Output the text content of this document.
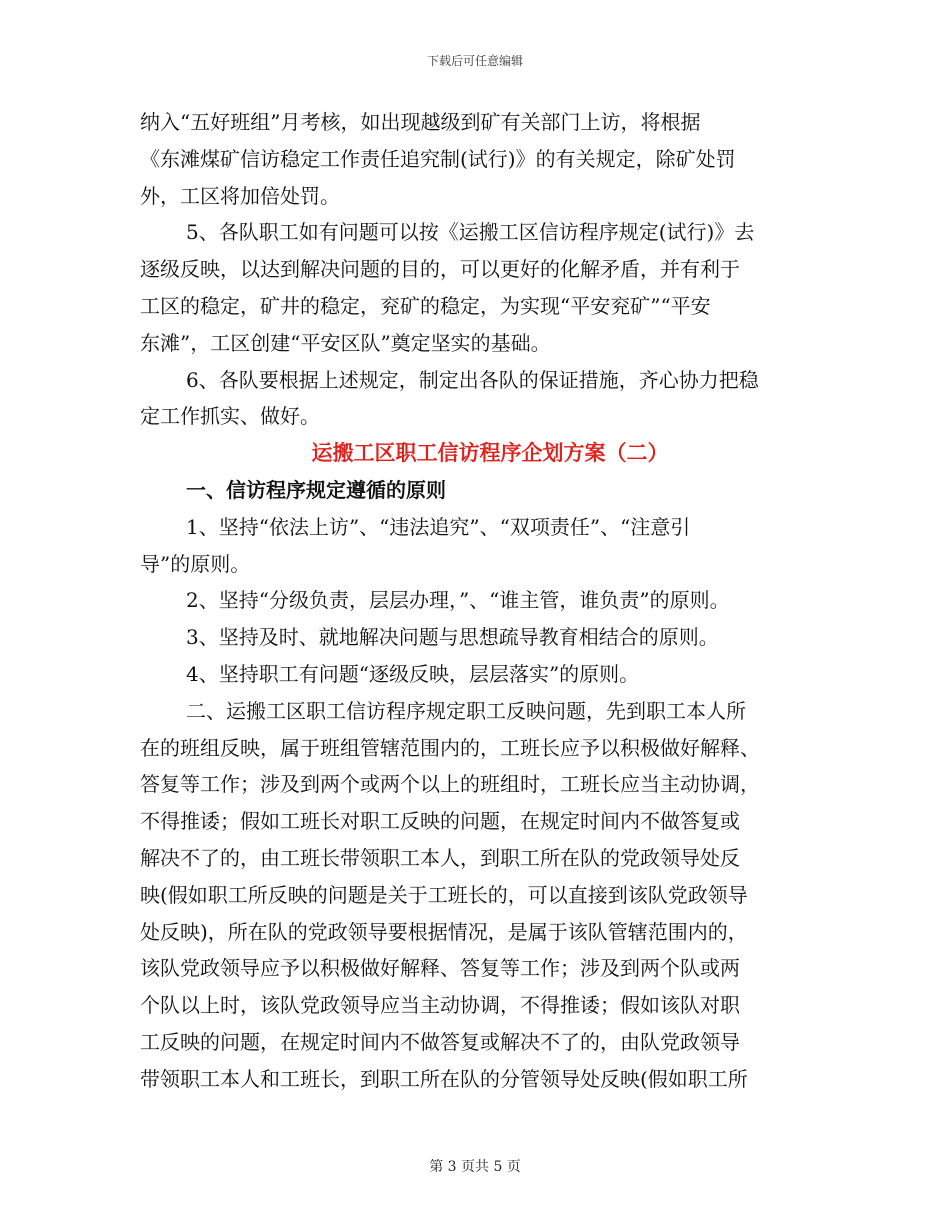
下载后可任意编辑
纳入“五好班组”月考核，如出现越级到矿有关部门上访，将根据
《东滩煤矿信访稳定工作责任追究制(试行)》的有关规定，除矿处罚
外，工区将加倍处罚。
5、各队职工如有问题可以按《运搬工区信访程序规定(试行)》去
逐级反映，以达到解决问题的目的，可以更好的化解矛盾，并有利于
工区的稳定，矿井的稳定，兖矿的稳定，为实现“平安兖矿”“平安
东滩”，工区创建“平安区队”奠定坚实的基础。
6、各队要根据上述规定，制定出各队的保证措施，齐心协力把稳
定工作抓实、做好。
运搬工区职工信访程序企划方案（二）
一、信访程序规定遵循的原则
1、坚持“依法上访”、“违法追究”、“双项责任”、“注意引
导”的原则。
2、坚持“分级负责，层层办理，”、“谁主管，谁负责”的原则。
3、坚持及时、就地解决问题与思想疏导教育相结合的原则。
4、坚持职工有问题“逐级反映，层层落实”的原则。
二、运搬工区职工信访程序规定职工反映问题，先到职工本人所
在的班组反映，属于班组管辖范围内的，工班长应予以积极做好解释、
答复等工作；涉及到两个或两个以上的班组时，工班长应当主动协调，
不得推诿；假如工班长对职工反映的问题，在规定时间内不做答复或
解决不了的，由工班长带领职工本人，到职工所在队的党政领导处反
映(假如职工所反映的问题是关于工班长的，可以直接到该队党政领导
处反映)，所在队的党政领导要根据情况，是属于该队管辖范围内的，
该队党政领导应予以积极做好解释、答复等工作；涉及到两个队或两
个队以上时，该队党政领导应当主动协调，不得推诿；假如该队对职
工反映的问题，在规定时间内不做答复或解决不了的，由队党政领导
带领职工本人和工班长，到职工所在队的分管领导处反映(假如职工所
第 3 页共 5 页
